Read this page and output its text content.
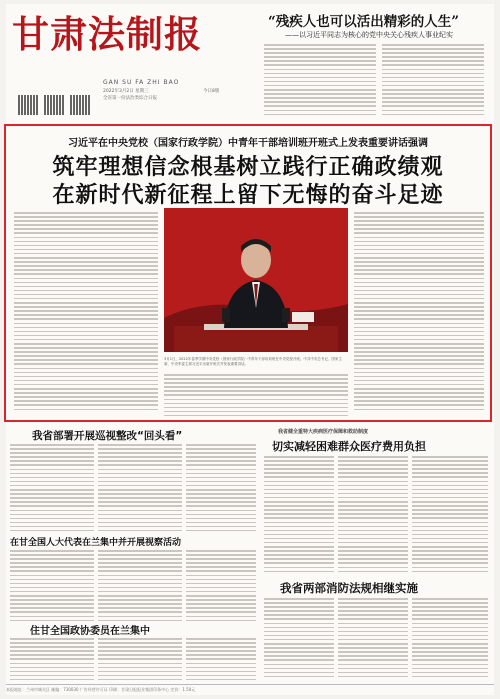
甘肃法制报
GAN SU FA ZHI BAO
2022年3月2日 星期三
全省第一份法治类综合日报
今日8版
“残疾人也可以活出精彩的人生”
——以习近平同志为核心的党中央关心残疾人事业纪实
习近平在中央党校（国家行政学院）中青年干部培训班开班式上发表重要讲话强调
筑牢理想信念根基树立践行正确政绩观
在新时代新征程上留下无悔的奋斗足迹
3月1日，2022年春季学期中央党校（国家行政学院）中青年干部培训班在中央党校开班。中共中央总书记、国家主席、中央军委主席习近平出席开班式并发表重要讲话。
我省部署开展巡视整改“回头看”
在甘全国人大代表在兰集中并开展视察活动
住甘全国政协委员在兰集中
我省健全重特大疾病医疗保障和救助制度
切实减轻困难群众医疗费用负担
我省两部消防法规相继实施
本报地址：兰州市城关区 邮编：730030 广告经营许可证 印刷：甘肃日报报业集团印务中心 定价：1.50元
